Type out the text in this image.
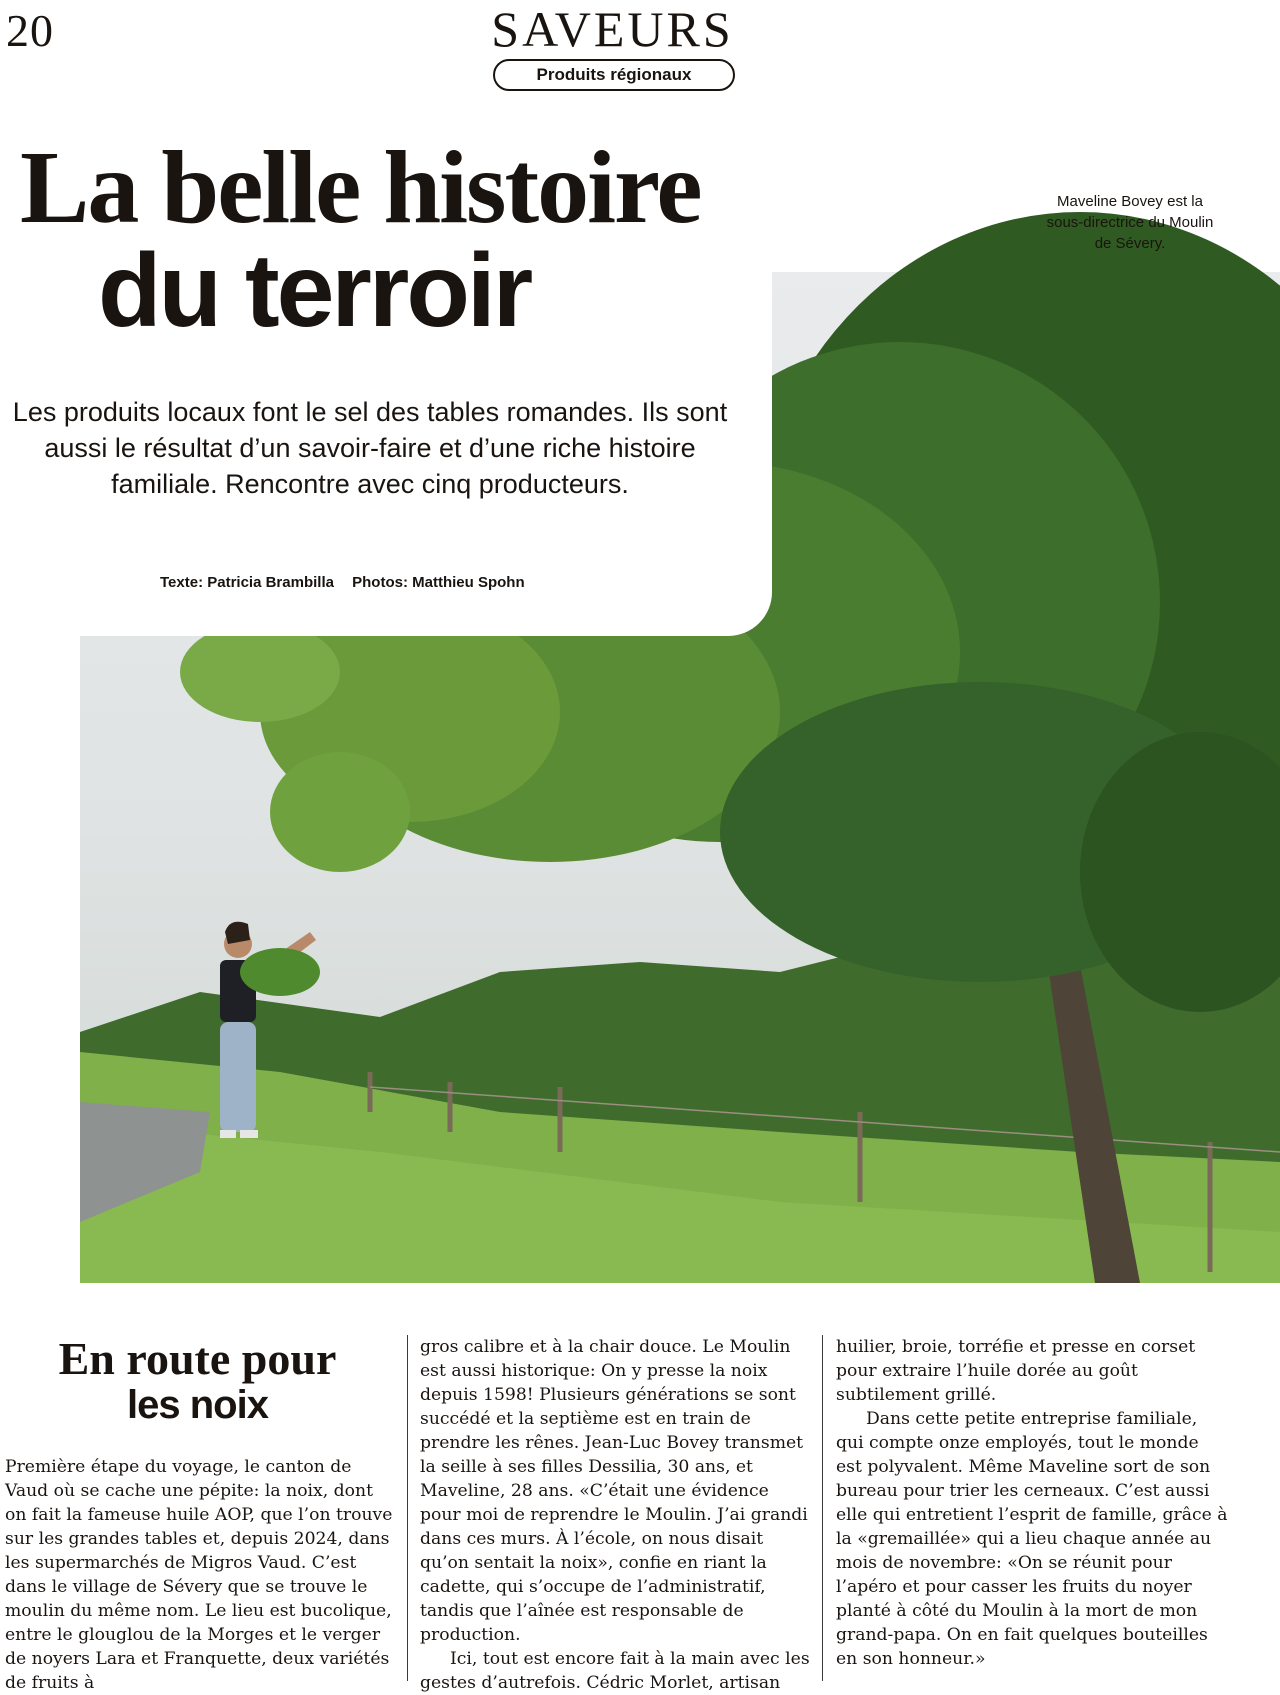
20	SAVEURS
Produits régionaux
La belle histoire
du terroir

Les produits locaux font le sel des tables romandes. Ils sont aussi le résultat d’un savoir-faire et d’une riche histoire familiale. Rencontre avec cinq producteurs.

Texte: Patricia Brambilla Photos: Matthieu Spohn
Maveline Bovey est la sous-directrice du Moulin de Sévery.
En route pour
les noix

Première étape du voyage, le canton de Vaud où se cache une pépite: la noix, dont on fait la fameuse huile AOP, que l’on trouve sur les grandes tables et, depuis 2024, dans les supermarchés de Migros Vaud. C’est dans le village de Sévery que se trouve le moulin du même nom. Le lieu est bucolique, entre le glouglou de la Morges et le verger de noyers Lara et Franquette, deux variétés de fruits à

gros calibre et à la chair douce. Le Moulin est aussi historique: On y presse la noix depuis 1598! Plusieurs générations se sont succédé et la septième est en train de prendre les rênes. Jean-Luc Bovey transmet la seille à ses filles Dessilia, 30 ans, et Maveline, 28 ans. «C’était une évidence pour moi de reprendre le Moulin. J’ai grandi dans ces murs. À l’école, on nous disait qu’on sentait la noix», confie en riant la cadette, qui s’occupe de l’administratif, tandis que l’aînée est responsable de production.

Ici, tout est encore fait à la main avec les gestes d’autrefois. Cédric Morlet, artisan

huilier, broie, torréfie et presse en corset pour extraire l’huile dorée au goût subtilement grillé.

Dans cette petite entreprise familiale, qui compte onze employés, tout le monde est polyvalent. Même Maveline sort de son bureau pour trier les cerneaux. C’est aussi elle qui entretient l’esprit de famille, grâce à la «gremaillée» qui a lieu chaque année au mois de novembre: «On se réunit pour l’apéro et pour casser les fruits du noyer planté à côté du Moulin à la mort de mon grand-papa. On en fait quelques bouteilles en son honneur.»
